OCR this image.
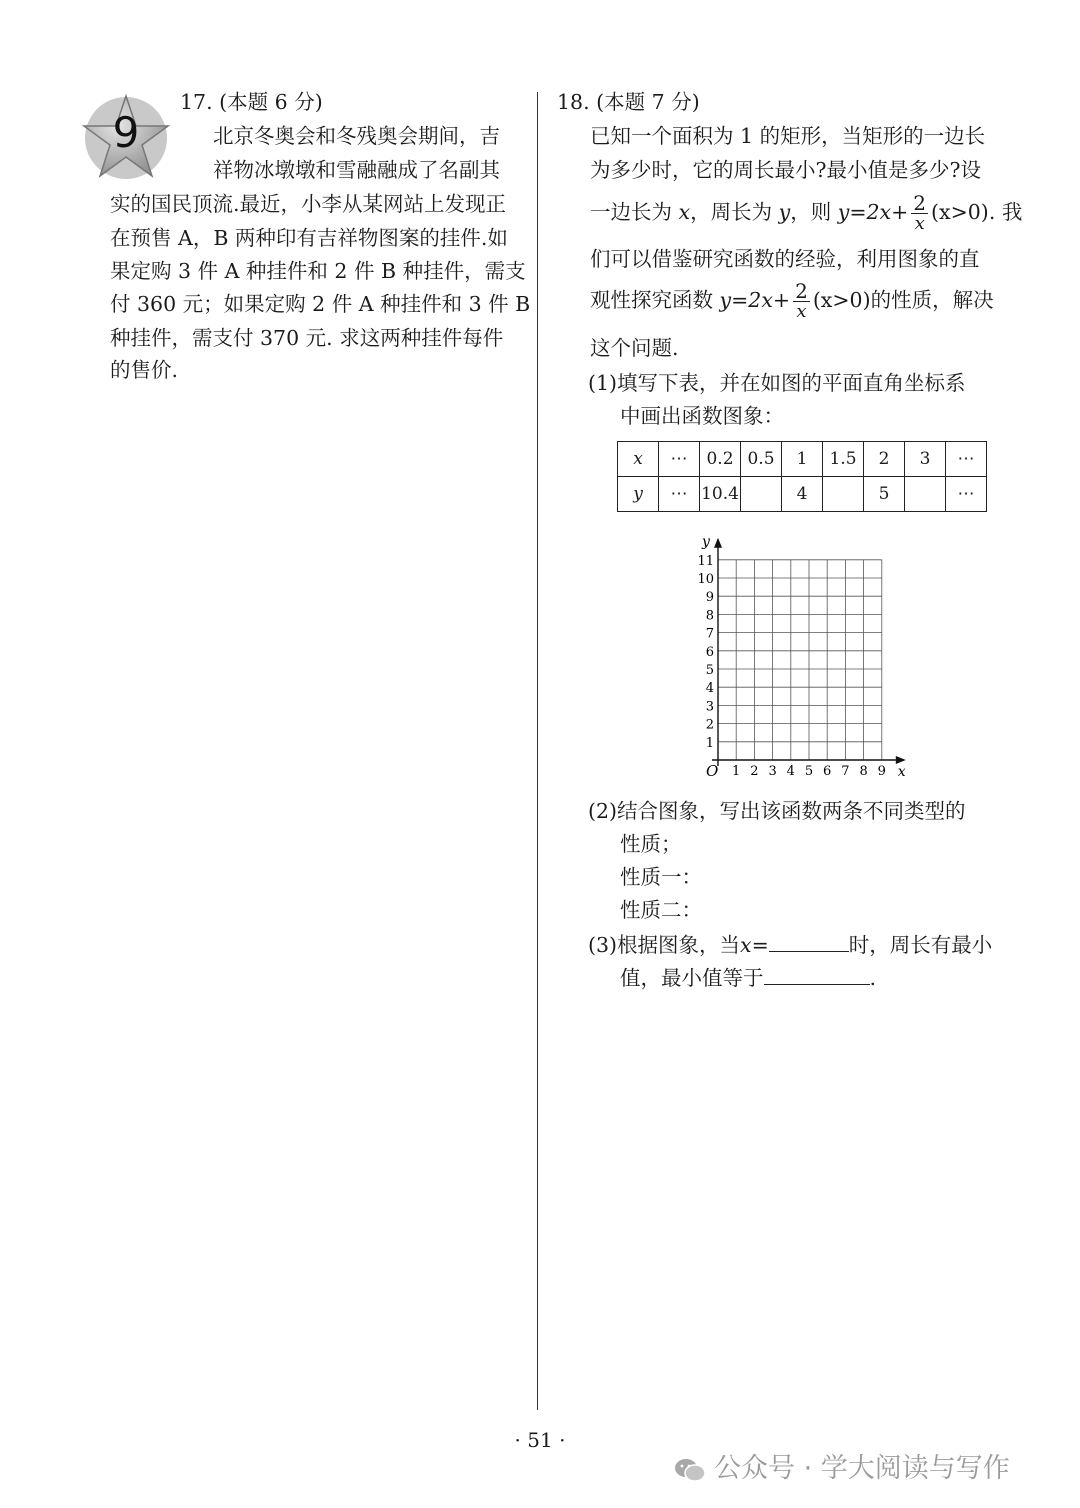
9
17. (本题 6 分)
北京冬奥会和冬残奥会期间，吉
祥物冰墩墩和雪融融成了名副其
实的国民顶流.最近，小李从某网站上发现正
在预售 A，B 两种印有吉祥物图案的挂件.如
果定购 3 件 A 种挂件和 2 件 B 种挂件，需支
付 360 元；如果定购 2 件 A 种挂件和 3 件 B
种挂件，需支付 370 元. 求这两种挂件每件
的售价.
18. (本题 7 分)
已知一个面积为 1 的矩形，当矩形的一边长
为多少时，它的周长最小?最小值是多少?设
一边长为 x，周长为 y，则 $y=2x+ \frac{2}{x} (x>0)$. 我
们可以借鉴研究函数的经验，利用图象的直
观性探究函数 $y=2x+ \frac{2}{x} (x>0)$的性质，解决
这个问题.
(1)填写下表，并在如图的平面直角坐标系
中画出函数图象：
x	⋯	0.2	0.5	1	1.5	2	3	⋯
y	⋯	10.4		4		5		⋯
1 2 3 4 5 6 7 8 9
1
2
3
4
5
6
7
8
9
10
11
O	x
y
(2)结合图象，写出该函数两条不同类型的
性质；
性质一：
性质二：
(3)根据图象，当x=	时，周长有最小
值，最小值等于	.
· 51 ·
公众号 · 学大阅读与写作
